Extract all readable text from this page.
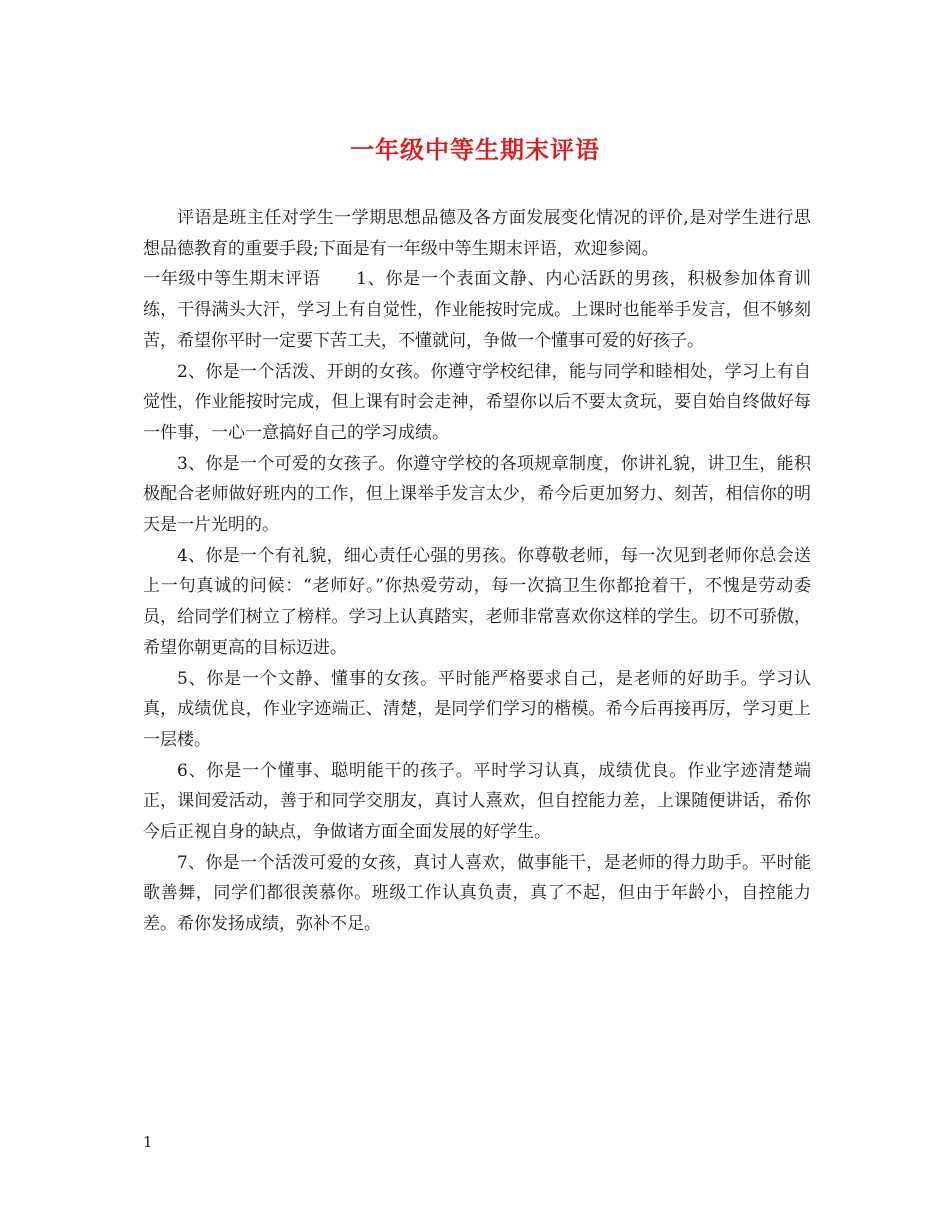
一年级中等生期末评语

评语是班主任对学生一学期思想品德及各方面发展变化情况的评价,是对学生进行思想品德教育的重要手段;下面是有一年级中等生期末评语，欢迎参阅。

一年级中等生期末评语　　1、你是一个表面文静、内心活跃的男孩，积极参加体育训练，干得满头大汗，学习上有自觉性，作业能按时完成。上课时也能举手发言，但不够刻苦，希望你平时一定要下苦工夫，不懂就问，争做一个懂事可爱的好孩子。

2、你是一个活泼、开朗的女孩。你遵守学校纪律，能与同学和睦相处，学习上有自觉性，作业能按时完成，但上课有时会走神，希望你以后不要太贪玩，要自始自终做好每一件事，一心一意搞好自己的学习成绩。

3、你是一个可爱的女孩子。你遵守学校的各项规章制度，你讲礼貌，讲卫生，能积极配合老师做好班内的工作，但上课举手发言太少，希今后更加努力、刻苦，相信你的明天是一片光明的。

4、你是一个有礼貌，细心责任心强的男孩。你尊敬老师，每一次见到老师你总会送上一句真诚的问候：“老师好。”你热爱劳动，每一次搞卫生你都抢着干，不愧是劳动委员，给同学们树立了榜样。学习上认真踏实，老师非常喜欢你这样的学生。切不可骄傲，希望你朝更高的目标迈进。

5、你是一个文静、懂事的女孩。平时能严格要求自己，是老师的好助手。学习认真，成绩优良，作业字迹端正、清楚，是同学们学习的楷模。希今后再接再厉，学习更上一层楼。

6、你是一个懂事、聪明能干的孩子。平时学习认真，成绩优良。作业字迹清楚端正，课间爱活动，善于和同学交朋友，真讨人熹欢，但自控能力差，上课随便讲话，希你今后正视自身的缺点，争做诸方面全面发展的好学生。

7、你是一个活泼可爱的女孩，真讨人喜欢，做事能干，是老师的得力助手。平时能歌善舞，同学们都很羡慕你。班级工作认真负责，真了不起，但由于年龄小，自控能力差。希你发扬成绩，弥补不足。

1
